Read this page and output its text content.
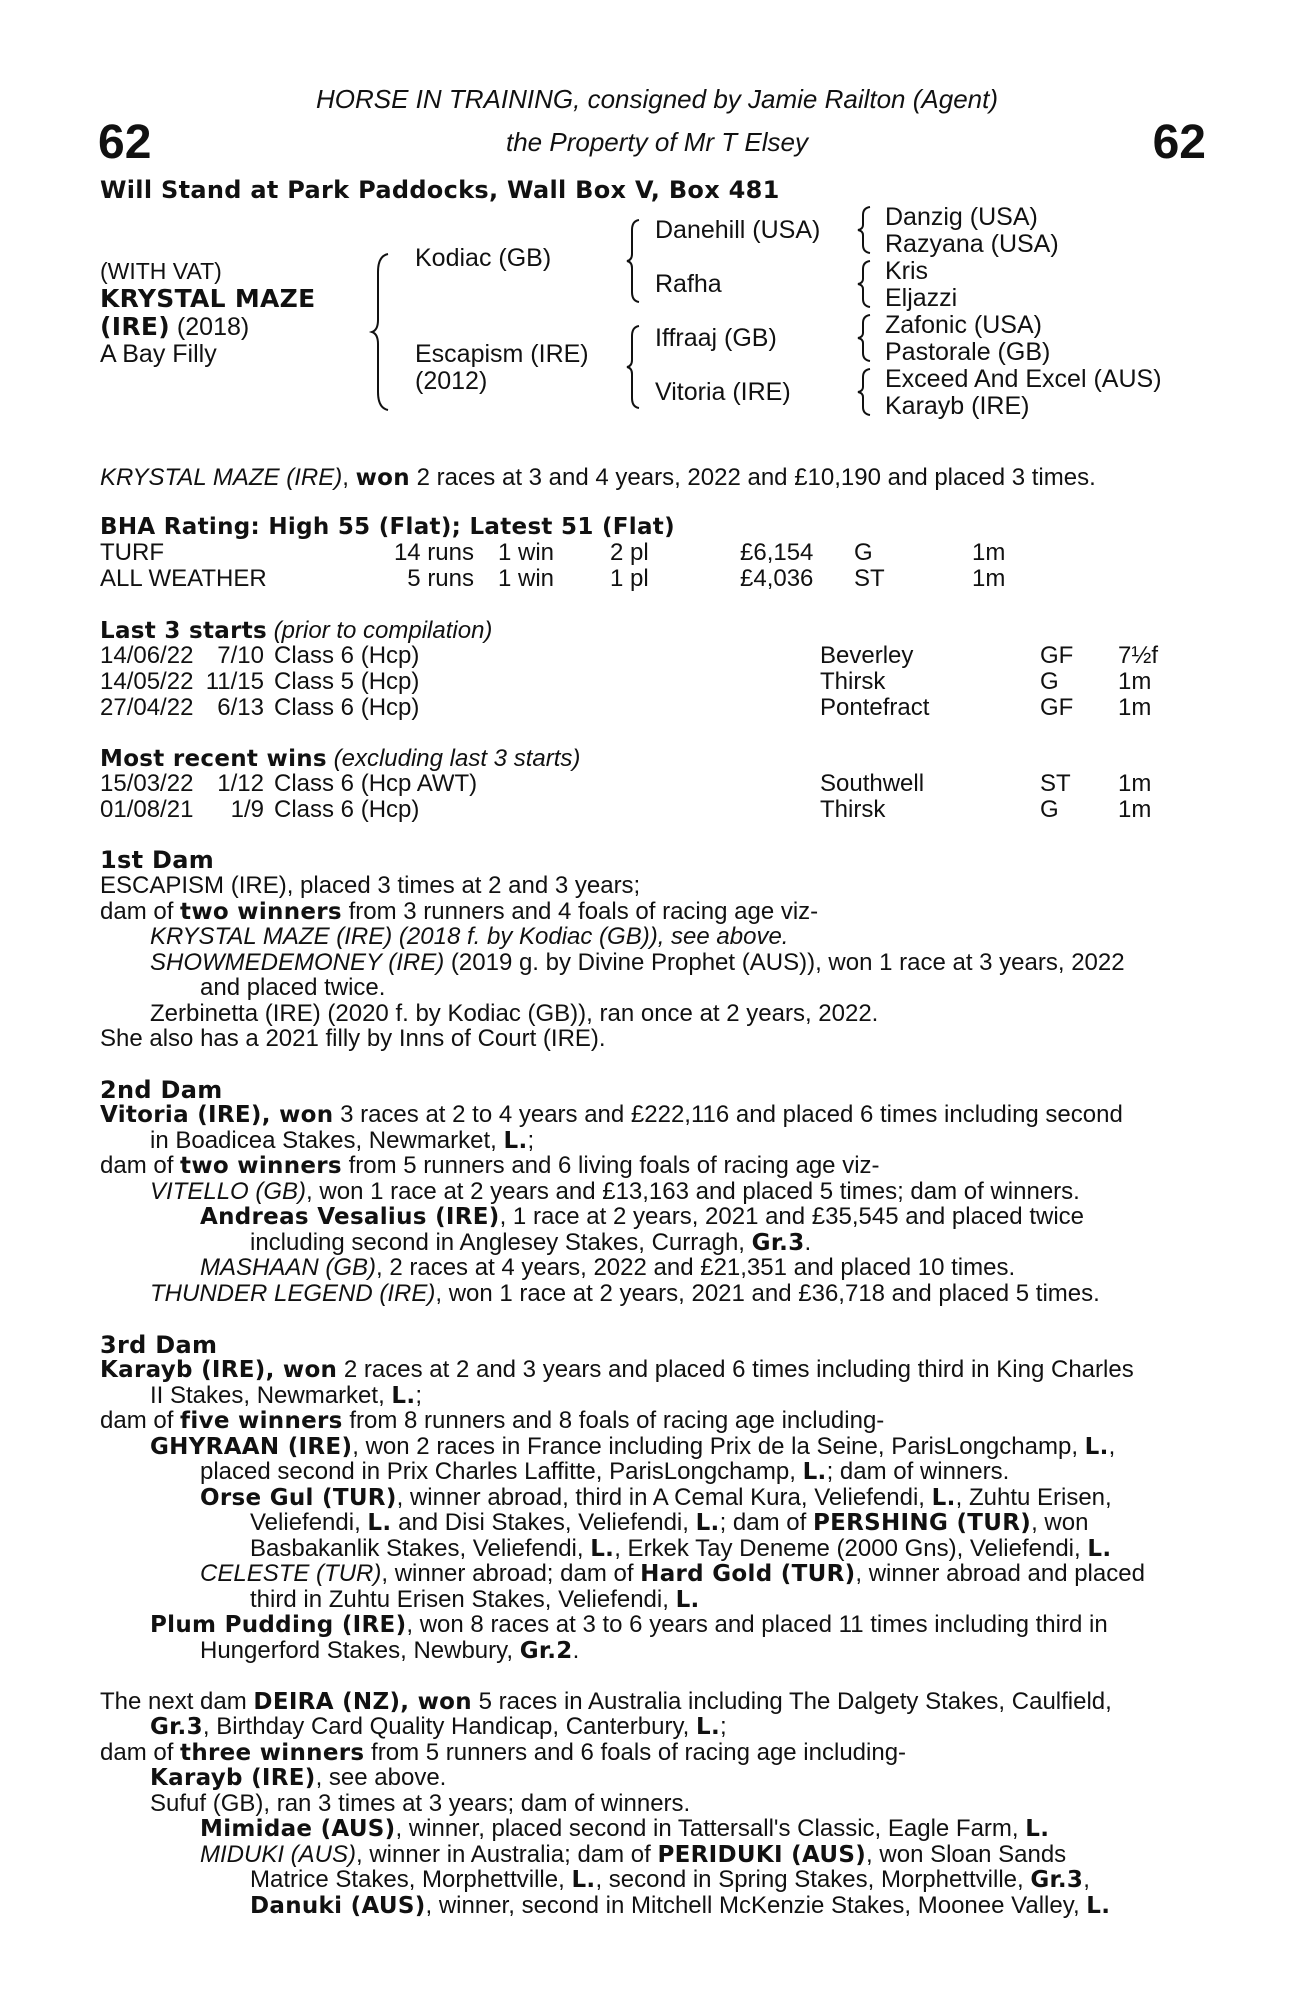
62	62
HORSE IN TRAINING, consigned by Jamie Railton (Agent)
the Property of Mr T Elsey
Will Stand at Park Paddocks, Wall Box V, Box 481
(WITH VAT)
KRYSTAL MAZE
(IRE) (2018)
A Bay Filly
Kodiac (GB)
Escapism (IRE)
(2012)
Danehill (USA)
Rafha
Iffraaj (GB)
Vitoria (IRE)
Danzig (USA)
Razyana (USA)
Kris
Eljazzi
Zafonic (USA)
Pastorale (GB)
Exceed And Excel (AUS)
Karayb (IRE)
KRYSTAL MAZE (IRE), won 2 races at 3 and 4 years, 2022 and £10,190 and placed 3 times.
BHA Rating: High 55 (Flat); Latest 51 (Flat)
TURF	14 runs	1 win	2 pl	£6,154	G	1m
ALL WEATHER	5 runs	1 win	1 pl	£4,036	ST	1m
Last 3 starts (prior to compilation)
14/06/22	7/10	Class 6 (Hcp)	Beverley	GF	7½f
14/05/22	11/15	Class 5 (Hcp)	Thirsk	G	1m
27/04/22	6/13	Class 6 (Hcp)	Pontefract	GF	1m
Most recent wins (excluding last 3 starts)
15/03/22	1/12	Class 6 (Hcp AWT)	Southwell	ST	1m
01/08/21	1/9	Class 6 (Hcp)	Thirsk	G	1m
1st Dam
ESCAPISM (IRE), placed 3 times at 2 and 3 years;
dam of two winners from 3 runners and 4 foals of racing age viz-
KRYSTAL MAZE (IRE) (2018 f. by Kodiac (GB)), see above.
SHOWMEDEMONEY (IRE) (2019 g. by Divine Prophet (AUS)), won 1 race at 3 years, 2022
and placed twice.
Zerbinetta (IRE) (2020 f. by Kodiac (GB)), ran once at 2 years, 2022.
She also has a 2021 filly by Inns of Court (IRE).
2nd Dam
Vitoria (IRE), won 3 races at 2 to 4 years and £222,116 and placed 6 times including second
in Boadicea Stakes, Newmarket, L.;
dam of two winners from 5 runners and 6 living foals of racing age viz-
VITELLO (GB), won 1 race at 2 years and £13,163 and placed 5 times; dam of winners.
Andreas Vesalius (IRE), 1 race at 2 years, 2021 and £35,545 and placed twice
including second in Anglesey Stakes, Curragh, Gr.3.
MASHAAN (GB), 2 races at 4 years, 2022 and £21,351 and placed 10 times.
THUNDER LEGEND (IRE), won 1 race at 2 years, 2021 and £36,718 and placed 5 times.
3rd Dam
Karayb (IRE), won 2 races at 2 and 3 years and placed 6 times including third in King Charles
II Stakes, Newmarket, L.;
dam of five winners from 8 runners and 8 foals of racing age including-
GHYRAAN (IRE), won 2 races in France including Prix de la Seine, ParisLongchamp, L.,
placed second in Prix Charles Laffitte, ParisLongchamp, L.; dam of winners.
Orse Gul (TUR), winner abroad, third in A Cemal Kura, Veliefendi, L., Zuhtu Erisen,
Veliefendi, L. and Disi Stakes, Veliefendi, L.; dam of PERSHING (TUR), won
Basbakanlik Stakes, Veliefendi, L., Erkek Tay Deneme (2000 Gns), Veliefendi, L.
CELESTE (TUR), winner abroad; dam of Hard Gold (TUR), winner abroad and placed
third in Zuhtu Erisen Stakes, Veliefendi, L.
Plum Pudding (IRE), won 8 races at 3 to 6 years and placed 11 times including third in
Hungerford Stakes, Newbury, Gr.2.
The next dam DEIRA (NZ), won 5 races in Australia including The Dalgety Stakes, Caulfield,
Gr.3, Birthday Card Quality Handicap, Canterbury, L.;
dam of three winners from 5 runners and 6 foals of racing age including-
Karayb (IRE), see above.
Sufuf (GB), ran 3 times at 3 years; dam of winners.
Mimidae (AUS), winner, placed second in Tattersall's Classic, Eagle Farm, L.
MIDUKI (AUS), winner in Australia; dam of PERIDUKI (AUS), won Sloan Sands
Matrice Stakes, Morphettville, L., second in Spring Stakes, Morphettville, Gr.3,
Danuki (AUS), winner, second in Mitchell McKenzie Stakes, Moonee Valley, L.
